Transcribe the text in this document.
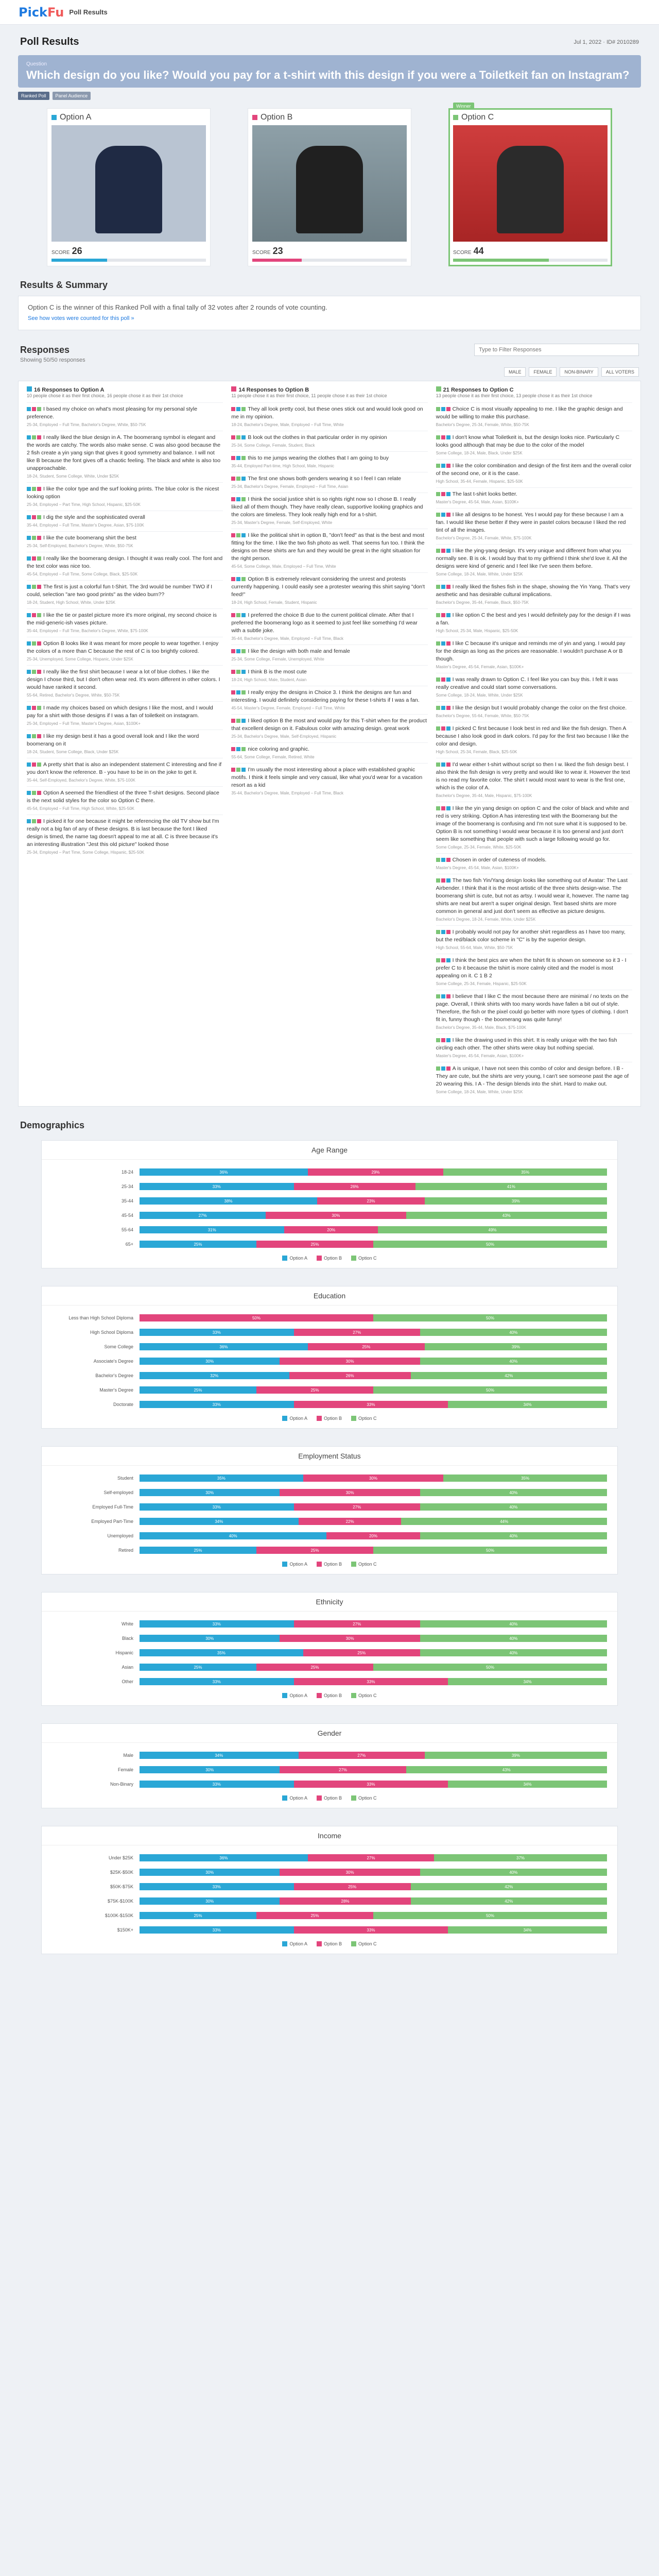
Pick Fu Poll Results
Poll Results	Jul 1, 2022 · ID# 2010289
Question
Which design do you like? Would you pay for a t-shirt with this design if you were a Toiletkeit fan on Instagram?
Ranked Poll	Panel Audience
Option A
SCORE 26
Option B
SCORE 23
Winner
Option C
SCORE 44
Results & Summary

Option C is the winner of this Ranked Poll with a final tally of 32 votes after 2 rounds of vote counting.

See how votes were counted for this poll »
Responses
Type to Filter Responses
Showing 50/50 responses
MALE	FEMALE	NON-BINARY	ALL VOTERS
16 Responses to Option A
10 people chose it as their first choice, 16 people chose it as their 1st choice
I based my choice on what's most pleasing for my personal style preference.
25-34, Employed – Full Time, Bachelor's Degree, White, $50-75K
I really liked the blue design in A. The boomerang symbol is elegant and the words are catchy. The words also make sense. C was also good because the 2 fish create a yin yang sign that gives it good symmetry and balance. I will not like B because the font gives off a chaotic feeling. The black and white is also too unapproachable.
18-24, Student, Some College, White, Under $25K
I like the color type and the surf looking prints. The blue color is the nicest looking option
25-34, Employed – Part Time, High School, Hispanic, $25-50K
I dig the style and the sophisticated overall
35-44, Employed – Full Time, Master's Degree, Asian, $75-100K
I like the cute boomerang shirt the best
25-34, Self-Employed, Bachelor's Degree, White, $50-75K
I really like the boomerang design. I thought it was really cool. The font and the text color was nice too.
45-54, Employed – Full Time, Some College, Black, $25-50K
The first is just a colorful fun t-Shirt. The 3rd would be number TWO if I could, selection "are two good prints" as the video burn??
18-24, Student, High School, White, Under $25K
I like the tie or pastel picture more it's more original, my second choice is the mid-generic-ish vases picture.
35-44, Employed – Full Time, Bachelor's Degree, White, $75-100K
Option B looks like it was meant for more people to wear together. I enjoy the colors of a more than C because the rest of C is too brightly colored.
25-34, Unemployed, Some College, Hispanic, Under $25K
I really like the first shirt because I wear a lot of blue clothes. I like the design I chose third, but I don't often wear red. It's worn different in other colors. I would have ranked it second.
55-64, Retired, Bachelor's Degree, White, $50-75K
I made my choices based on which designs I like the most, and I would pay for a shirt with those designs if I was a fan of toiletkeit on instagram.
25-34, Employed – Full Time, Master's Degree, Asian, $100K+
I like my design best it has a good overall look and I like the word boomerang on it
18-24, Student, Some College, Black, Under $25K
A pretty shirt that is also an independent statement C interesting and fine if you don't know the reference. B - you have to be in on the joke to get it.
35-44, Self-Employed, Bachelor's Degree, White, $75-100K
Option A seemed the friendliest of the three T-shirt designs. Second place is the next solid styles for the color so Option C there.
45-54, Employed – Full Time, High School, White, $25-50K
I picked it for one because it might be referencing the old TV show but I'm really not a big fan of any of these designs. B is last because the font I liked design is timed, the name tag doesn't appeal to me at all. C is three because it's an interesting illustration "Jest this old picture" looked those
25-34, Employed – Part Time, Some College, Hispanic, $25-50K
14 Responses to Option B
11 people chose it as their first choice, 11 people chose it as their 1st choice
They all look pretty cool, but these ones stick out and would look good on me in my opinion.
18-24, Bachelor's Degree, Male, Employed – Full Time, White
B look out the clothes in that particular order in my opinion
25-34, Some College, Female, Student, Black
this to me jumps wearing the clothes that I am going to buy
35-44, Employed Part-time, High School, Male, Hispanic
The first one shows both genders wearing it so I feel I can relate
25-34, Bachelor's Degree, Female, Employed – Full Time, Asian
I think the social justice shirt is so rights right now so I chose B. I really liked all of them though. They have really clean, supportive looking graphics and the colors are timeless. They look really high end for a t-shirt.
25-34, Master's Degree, Female, Self-Employed, White
I like the political shirt in option B, "don't feed" as that is the best and most fitting for the time. I like the two fish photo as well. That seems fun too. I think the designs on these shirts are fun and they would be great in the right situation for the right person.
45-54, Some College, Male, Employed – Full Time, White
Option B is extremely relevant considering the unrest and protests currently happening. I could easily see a protester wearing this shirt saying "don't feed!"
18-24, High School, Female, Student, Hispanic
I preferred the choice B due to the current political climate. After that I preferred the boomerang logo as it seemed to just feel like something I'd wear with a subtle joke.
35-44, Bachelor's Degree, Male, Employed – Full Time, Black
I like the design with both male and female
25-34, Some College, Female, Unemployed, White
I think B is the most cute
18-24, High School, Male, Student, Asian
I really enjoy the designs in Choice 3. I think the designs are fun and interesting. I would definitely considering paying for these t-shirts if I was a fan.
45-54, Master's Degree, Female, Employed – Full Time, White
I liked option B the most and would pay for this T-shirt when for the product that excellent design on it. Fabulous color with amazing design. great work
25-34, Bachelor's Degree, Male, Self-Employed, Hispanic
nice coloring and graphic.
55-64, Some College, Female, Retired, White
I'm usually the most interesting about a place with established graphic motifs. I think it feels simple and very casual, like what you'd wear for a vacation resort as a kid
35-44, Bachelor's Degree, Male, Employed – Full Time, Black
21 Responses to Option C
13 people chose it as their first choice, 13 people chose it as their 1st choice
Choice C is most visually appealing to me. I like the graphic design and would be willing to make this purchase.
Bachelor's Degree, 25-34, Female, White, $50-75K
I don't know what Toiletkeit is, but the design looks nice. Particularly C looks good although that may be due to the color of the model
Some College, 18-24, Male, Black, Under $25K
I like the color combination and design of the first item and the overall color of the second one, or it is the case.
High School, 35-44, Female, Hispanic, $25-50K
The last t-shirt looks better.
Master's Degree, 45-54, Male, Asian, $100K+
I like all designs to be honest. Yes I would pay for these because I am a fan. I would like these better if they were in pastel colors because I liked the red tint of all the images.
Bachelor's Degree, 25-34, Female, White, $75-100K
I like the ying-yang design. It's very unique and different from what you normally see. B is ok. I would buy that to my girlfriend I think she'd love it. All the designs were kind of generic and I feel like I've seen them before.
Some College, 18-24, Male, White, Under $25K
I really liked the fishes fish in the shape, showing the Yin Yang. That's very aesthetic and has desirable cultural implications.
Bachelor's Degree, 35-44, Female, Black, $50-75K
I like option C the best and yes I would definitely pay for the design if I was a fan.
High School, 25-34, Male, Hispanic, $25-50K
I like C because it's unique and reminds me of yin and yang. I would pay for the design as long as the prices are reasonable. I wouldn't purchase A or B though.
Master's Degree, 45-54, Female, Asian, $100K+
I was really drawn to Option C. I feel like you can buy this. I felt it was really creative and could start some conversations.
Some College, 18-24, Male, White, Under $25K
I like the design but I would probably change the color on the first choice.
Bachelor's Degree, 55-64, Female, White, $50-75K
I picked C first because I look best in red and like the fish design. Then A because I also look good in dark colors. I'd pay for the first two because I like the color and design.
High School, 25-34, Female, Black, $25-50K
I'd wear either t-shirt without script so then I w. liked the fish design best. I also think the fish design is very pretty and would like to wear it. However the text is no read my favorite color. The shirt I would most want to wear is the first one, which is the color of A.
Bachelor's Degree, 35-44, Male, Hispanic, $75-100K
I like the yin yang design on option C and the color of black and white and red is very striking. Option A has interesting text with the Boomerang but the image of the boomerang is confusing and I'm not sure what it is supposed to be. Option B is not something I would wear because it is too general and just don't seem like something that people with such a large following would go for.
Some College, 25-34, Female, White, $25-50K
Chosen in order of cuteness of models.
Master's Degree, 45-54, Male, Asian, $100K+
The two fish Yin/Yang design looks like something out of Avatar: The Last Airbender. I think that it is the most artistic of the three shirts design-wise. The boomerang shirt is cute, but not as artsy. I would wear it, however. The name tag shirts are neat but aren't a super original design. Text based shirts are more common in general and just don't seem as effective as picture designs.
Bachelor's Degree, 18-24, Female, White, Under $25K
I probably would not pay for another shirt regardless as I have too many, but the red/black color scheme in "C" is by the superior design.
High School, 55-64, Male, White, $50-75K
I think the best pics are when the tshirt fit is shown on someone so it 3 - I prefer C to it because the tshirt is more calmly cited and the model is most appealing on it. C 1 B 2
Some College, 25-34, Female, Hispanic, $25-50K
I believe that I like C the most because there are minimal / no texts on the page. Overall, I think shirts with too many words have fallen a bit out of style. Therefore, the fish or the pixel could go better with more types of clothing. I don't fit in, funny though - the boomerang was quite funny!
Bachelor's Degree, 35-44, Male, Black, $75-100K
I like the drawing used in this shirt. It is really unique with the two fish circling each other. The other shirts were okay but nothing special.
Master's Degree, 45-54, Female, Asian, $100K+
A is unique, I have not seen this combo of color and design before. I B - They are cute, but the shirts are very young, I can't see someone past the age of 20 wearing this. I A - The design blends into the shirt. Hard to make out.
Some College, 18-24, Male, White, Under $25K
Demographics
Age Range
18-24	36%	29%	35%
25-34	33%	26%	41%
35-44	38%	23%	39%
45-54	27%	30%	43%
55-64	31%	20%	49%
65+	25%	25%	50%
Option A	Option B	Option C
Education
Less than High School Diploma	50%	50%
High School Diploma	33%	27%	40%
Some College	36%	25%	39%
Associate's Degree	30%	30%	40%
Bachelor's Degree	32%	26%	42%
Master's Degree	25%	25%	50%
Doctorate	33%	33%	34%
Option A	Option B	Option C
Employment Status
Student	35%	30%	35%
Self-employed	30%	30%	40%
Employed Full-Time	33%	27%	40%
Employed Part-Time	34%	22%	44%
Unemployed	40%	20%	40%
Retired	25%	25%	50%
Option A	Option B	Option C
Ethnicity
White	33%	27%	40%
Black	30%	30%	40%
Hispanic	35%	25%	40%
Asian	25%	25%	50%
Other	33%	33%	34%
Option A	Option B	Option C
Gender
Male	34%	27%	39%
Female	30%	27%	43%
Non-Binary	33%	33%	34%
Option A	Option B	Option C
Income
Under $25K	36%	27%	37%
$25K-$50K	30%	30%	40%
$50K-$75K	33%	25%	42%
$75K-$100K	30%	28%	42%
$100K-$150K	25%	25%	50%
$150K+	33%	33%	34%
Option A	Option B	Option C
